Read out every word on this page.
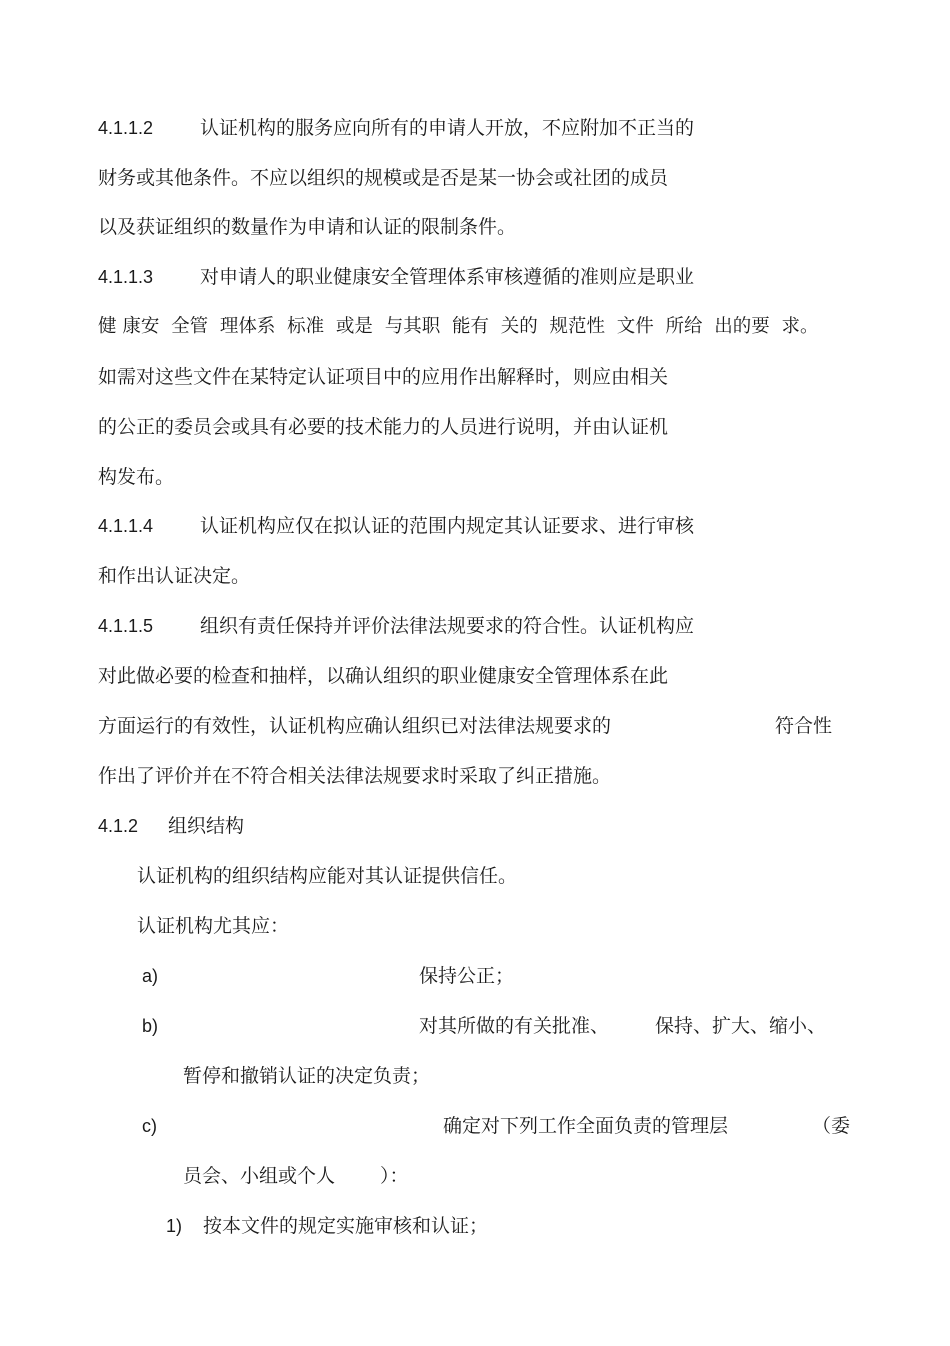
4.1.1.2 认证机构的服务应向所有的申请人开放，不应附加不正当的
财务或其他条件。不应以组织的规模或是否是某一协会或社团的成员
以及获证组织的数量作为申请和认证的限制条件。
4.1.1.3 对申请人的职业健康安全管理体系审核遵循的准则应是职业
健 康安  全管  理体系  标准  或是  与其职  能有  关的  规范性  文件  所给  出的要  求。
如需对这些文件在某特定认证项目中的应用作出解释时，则应由相关
的公正的委员会或具有必要的技术能力的人员进行说明，并由认证机
构发布。
4.1.1.4 认证机构应仅在拟认证的范围内规定其认证要求、进行审核
和作出认证决定。
4.1.1.5 组织有责任保持并评价法律法规要求的符合性。认证机构应
对此做必要的检查和抽样，以确认组织的职业健康安全管理体系在此
方面运行的有效性，认证机构应确认组织已对法律法规要求的	符合性
作出了评价并在不符合相关法律法规要求时采取了纠正措施。
4.1.2 组织结构
认证机构的组织结构应能对其认证提供信任。
认证机构尤其应：
a)	保持公正；
b)	对其所做的有关批准、 保持、扩大、缩小、
暂停和撤销认证的决定负责；
c)	确定对下列工作全面负责的管理层	（委
员会、小组或个人 ）：
1) 按本文件的规定实施审核和认证；
